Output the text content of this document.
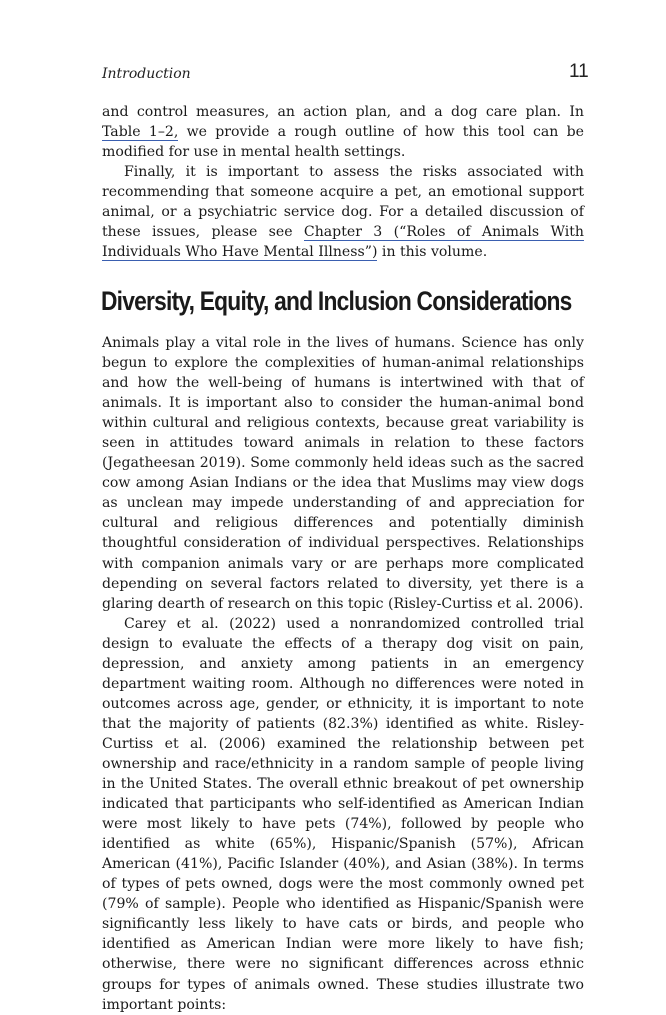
Introduction	11

and control measures, an action plan, and a dog care plan. In Table 1–2, we provide a rough outline of how this tool can be modified for use in mental health settings.

Finally, it is important to assess the risks associated with recommending that someone acquire a pet, an emotional support animal, or a psychiatric service dog. For a detailed discussion of these issues, please see Chapter 3 (“Roles of Animals With Individuals Who Have Mental Illness”) in this volume.

Diversity, Equity, and Inclusion Considerations

Animals play a vital role in the lives of humans. Science has only begun to explore the complexities of human-animal relationships and how the well-being of humans is intertwined with that of animals. It is important also to consider the human-animal bond within cultural and religious contexts, because great variability is seen in attitudes toward animals in relation to these factors (Jegatheesan 2019). Some commonly held ideas such as the sacred cow among Asian Indians or the idea that Muslims may view dogs as unclean may impede understanding of and appreciation for cultural and religious differences and potentially diminish thoughtful consideration of individual perspectives. Relationships with companion animals vary or are perhaps more complicated depending on several factors related to diversity, yet there is a glaring dearth of research on this topic (Risley-Curtiss et al. 2006).

Carey et al. (2022) used a nonrandomized controlled trial design to evaluate the effects of a therapy dog visit on pain, depression, and anxiety among patients in an emergency department waiting room. Although no differences were noted in outcomes across age, gender, or ethnicity, it is important to note that the majority of patients (82.3%) identified as white. Risley-Curtiss et al. (2006) examined the relationship between pet ownership and race/ethnicity in a random sample of people living in the United States. The overall ethnic breakout of pet ownership indicated that participants who self-identified as American Indian were most likely to have pets (74%), followed by people who identified as white (65%), Hispanic/Spanish (57%), African American (41%), Pacific Islander (40%), and Asian (38%). In terms of types of pets owned, dogs were the most commonly owned pet (79% of sample). People who identified as Hispanic/Spanish were significantly less likely to have cats or birds, and people who identified as American Indian were more likely to have fish; otherwise, there were no significant differences across ethnic groups for types of animals owned. These studies illustrate two important points:
